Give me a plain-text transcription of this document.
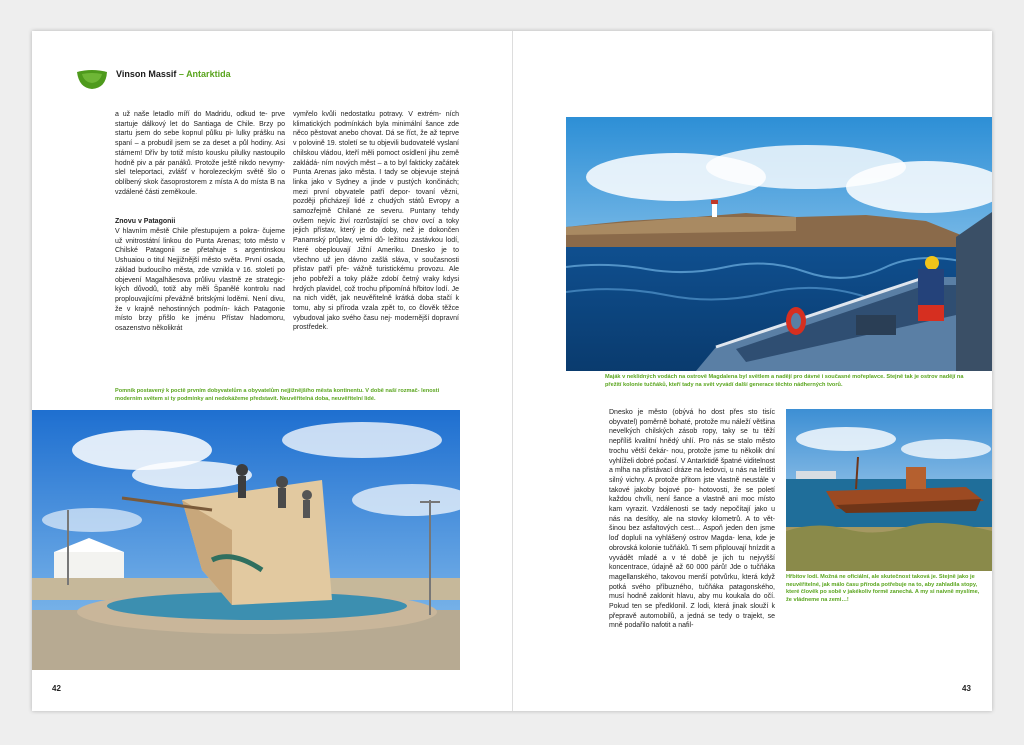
Vinson Massif – Antarktida

a už naše letadlo míří do Madridu, odkud te- prve startuje dálkový let do Santiaga de Chile. Brzy po startu jsem do sebe kopnul půlku pi- lulky prášku na spaní – a probudil jsem se za deset a půl hodiny. Asi stárnem! Dřív by totiž místo kousku pilulky nastoupilo hodně piv a pár panáků. Protože ještě nikdo nevymy- slel teleportaci, zvlášť v horolezeckým světě šlo o oblíbený skok časoprostorem z místa A do místa B na vzdálené části zeměkoule.

Znovu v Patagonii

V hlavním městě Chile přestupujem a pokra- čujeme už vnitrostátní linkou do Punta Arenas; toto město v Chilské Patagonii se přetahuje s argentinskou Ushuaiou o titul Nejjižnější město světa. První osada, základ budoucího města, zde vznikla v 16. století po objevení Magalhãesova průlivu vlastně ze strategic- kých důvodů, totiž aby měli Španělé kontrolu nad proplouvajícími převážně britskými loděmi. Není divu, že v krajně nehostinných podmín- kách Patagonie místo brzy přišlo ke jménu Přístav hladomoru, osazenstvo několikrát

vymřelo kvůli nedostatku potravy. V extrém- ních klimatických podmínkách byla minimální šance zde něco pěstovat anebo chovat. Dá se říct, že až teprve v polovině 19. století se tu objevili budovatelé vyslaní chilskou vládou, kteří měli pomoct osídlení jihu země zakládá- ním nových měst – a to byl fakticky začátek Punta Arenas jako města. I tady se objevuje stejná linka jako v Sydney a jinde v pustých končinách; mezi první obyvatele patří depor- tovaní vězni, později přicházejí lidé z chudých států Evropy a samozřejmě Chilané ze severu. Puntany tehdy ovšem nejvíc živí rozrůstající se chov ovcí a toky jejich přístav, který je do doby, než je dokončen Panamský průplav, velmi dů- ležitou zastávkou lodí, které obeplouvají Jižní Ameriku. Dnesko je to všechno už jen dávno zašlá sláva, v současnosti přístav patří pře- vážně turistickému provozu. Ale jeho pobřeží a toky pláže zdobí četný vraky kdysi hrdých plavidel, což trochu připomíná hřbitov lodí. Je na nich vidět, jak neuvěřitelně krátká doba stačí k tomu, aby si příroda vzala zpět to, co člověk těžce vybudoval jako svého času nej- modernější dopravní prostředek.

Pomník postavený k poctě prvním dobyvatelům a obyvatelům nejjižnějšího města kontinentu. V době naší rozmač- lenosti moderním světem si ty podmínky ani nedokážeme představit. Neuvěřitelná doba, neuvěřitelní lidé.
42
Maják v neklidných vodách na ostrově Magdalena byl světlem a nadějí pro dávné i současné mořeplavce. Stejně tak je ostrov nadějí na přežití kolonie tučňáků, kteří tady na svět vyvádí další generace těchto nádherných tvorů.

Dnesko je město (obývá ho dost přes sto tisíc obyvatel) poměrně bohaté, protože mu náleží většina nevelkých chilských zásob ropy, taky se tu těží nepříliš kvalitní hnědý uhlí. Pro nás se stalo město trochu větší čekár- nou, protože jsme tu několik dní vyhlíželi dobré počasí. V Antarktidě špatné viditelnost a mlha na přistávací dráze na ledovci, u nás na letišti silný vichry. A protože přitom jste vlastně neustále v takové jakoby bojové po- hotovosti, že se poletí každou chvíli, není šance a vlastně ani moc místo kam vyrazit. Vzdálenosti se tady nepočítají jako u nás na desítky, ale na stovky kilometrů. A to vět- šinou bez asfaltových cest… Aspoň jeden den jsme loď dopluli na vyhlášený ostrov Magda- lena, kde je obrovská kolonie tučňáků. Ti sem připlouvají hnízdit a vyvádět mladé a v té době je jich tu nejvyšší koncentrace, údajně až 60 000 párů! Jde o tučňáka magellanského, takovou menší potvůrku, která když potká svého příbuzného, tučňáka patagonského, musí hodně zaklonit hlavu, aby mu koukala do očí. Pokud ten se předklonil. Z lodi, která jinak slouží k přepravě automobilů, a jedná se tedy o trajekt, se mně podařilo nafotit a nafil-

Hřbitov lodí. Možná ne oficiální, ale skutečnost taková je. Stejně jako je neuvěřitelné, jak málo času příroda potřebuje na to, aby zahladila stopy, které člověk po sobě v jakékoliv formě zanechá. A my si naivně myslíme, že vládneme na zemi…!
43
